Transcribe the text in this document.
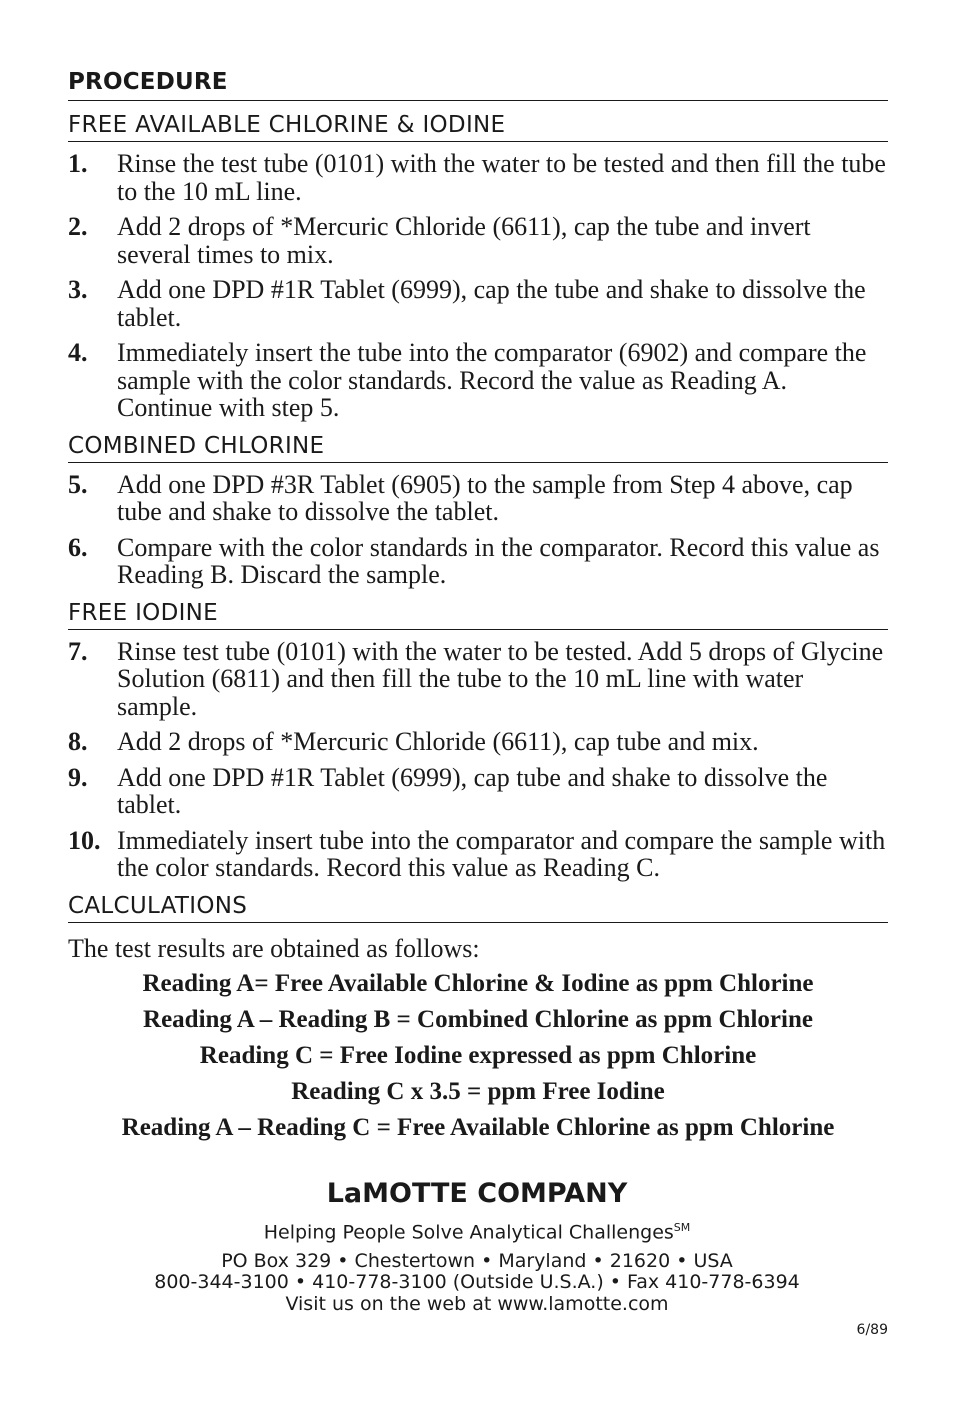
PROCEDURE
FREE AVAILABLE CHLORINE & IODINE
1.	Rinse the test tube (0101) with the water to be tested and then fill the tube to the 10 mL line.
2.	Add 2 drops of *Mercuric Chloride (6611), cap the tube and invert several times to mix.
3.	Add one DPD #1R Tablet (6999), cap the tube and shake to dissolve the tablet.
4.	Immediately insert the tube into the comparator (6902) and compare the sample with the color standards. Record the value as Reading A. Continue with step 5.
COMBINED CHLORINE
5.	Add one DPD #3R Tablet (6905) to the sample from Step 4 above, cap tube and shake to dissolve the tablet.
6.	Compare with the color standards in the comparator. Record this value as Reading B. Discard the sample.
FREE IODINE
7.	Rinse test tube (0101) with the water to be tested. Add 5 drops of Glycine Solution (6811) and then fill the tube to the 10 mL line with water sample.
8.	Add 2 drops of *Mercuric Chloride (6611), cap tube and mix.
9.	Add one DPD #1R Tablet (6999), cap tube and shake to dissolve the tablet.
10. Immediately insert tube into the comparator and compare the sample with the color standards. Record this value as Reading C.
CALCULATIONS
The test results are obtained as follows:
Reading A= Free Available Chlorine & Iodine as ppm Chlorine
Reading A – Reading B = Combined Chlorine as ppm Chlorine
Reading C = Free Iodine expressed as ppm Chlorine
Reading C x 3.5 = ppm Free Iodine
Reading A – Reading C = Free Available Chlorine as ppm Chlorine
LaMOTTE COMPANY
Helping People Solve Analytical Challenges℠
PO Box 329 • Chestertown • Maryland • 21620 • USA
800-344-3100 • 410-778-3100 (Outside U.S.A.) • Fax 410-778-6394
Visit us on the web at www.lamotte.com
6/89
